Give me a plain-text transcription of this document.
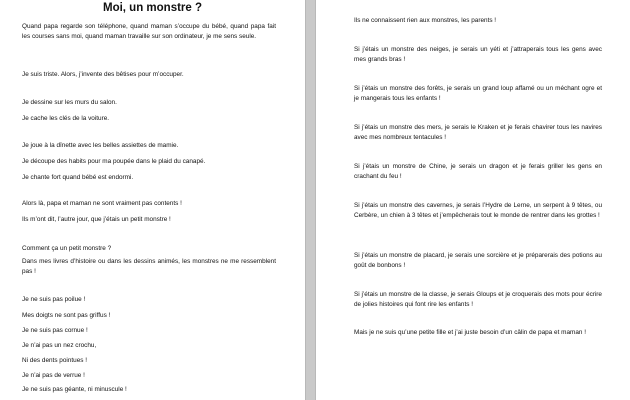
Moi, un monstre ?

Quand papa regarde son téléphone, quand maman s’occupe du bébé, quand papa fait les courses sans moi, quand maman travaille sur son ordinateur, je me sens seule.

Je suis triste. Alors, j’invente des bêtises pour m’occuper.

Je dessine sur les murs du salon.

Je cache les clés de la voiture.

Je joue à la dînette avec les belles assiettes de mamie.

Je découpe des habits pour ma poupée dans le plaid du canapé.

Je chante fort quand bébé est endormi.

Alors là, papa et maman ne sont vraiment pas contents !

Ils m’ont dit, l’autre jour, que j’étais un petit monstre !

Comment ça un petit monstre ?

Dans mes livres d’histoire ou dans les dessins animés, les monstres ne me ressemblent pas !

Je ne suis pas poilue !

Mes doigts ne sont pas griffus !

Je ne suis pas cornue !

Je n’ai pas un nez crochu,

Ni des dents pointues !

Je n’ai pas de verrue !

Je ne suis pas géante, ni minuscule !

Ils ne connaissent rien aux monstres, les parents !

Si j’étais un monstre des neiges, je serais un yéti et j’attraperais tous les gens avec mes grands bras !

Si j’étais un monstre des forêts, je serais un grand loup affamé ou un méchant ogre et je mangerais tous les enfants !

Si j’étais un monstre des mers, je serais le Kraken et je ferais chavirer tous les navires avec mes nombreux tentacules !

Si j’étais un monstre de Chine, je serais un dragon et je ferais griller les gens en crachant du feu !

Si j’étais un monstre des cavernes, je serais l’Hydre de Lerne, un serpent à 9 têtes, ou Cerbère, un chien à 3 têtes et j’empêcherais tout le monde de rentrer dans les grottes !

Si j’étais un monstre de placard, je serais une sorcière et je préparerais des potions au goût de bonbons !

Si j’étais un monstre de la classe, je serais Gloups et je croquerais des mots pour écrire de jolies histoires qui font rire les enfants !

Mais je ne suis qu’une petite fille et j’ai juste besoin d’un câlin de papa et maman !
